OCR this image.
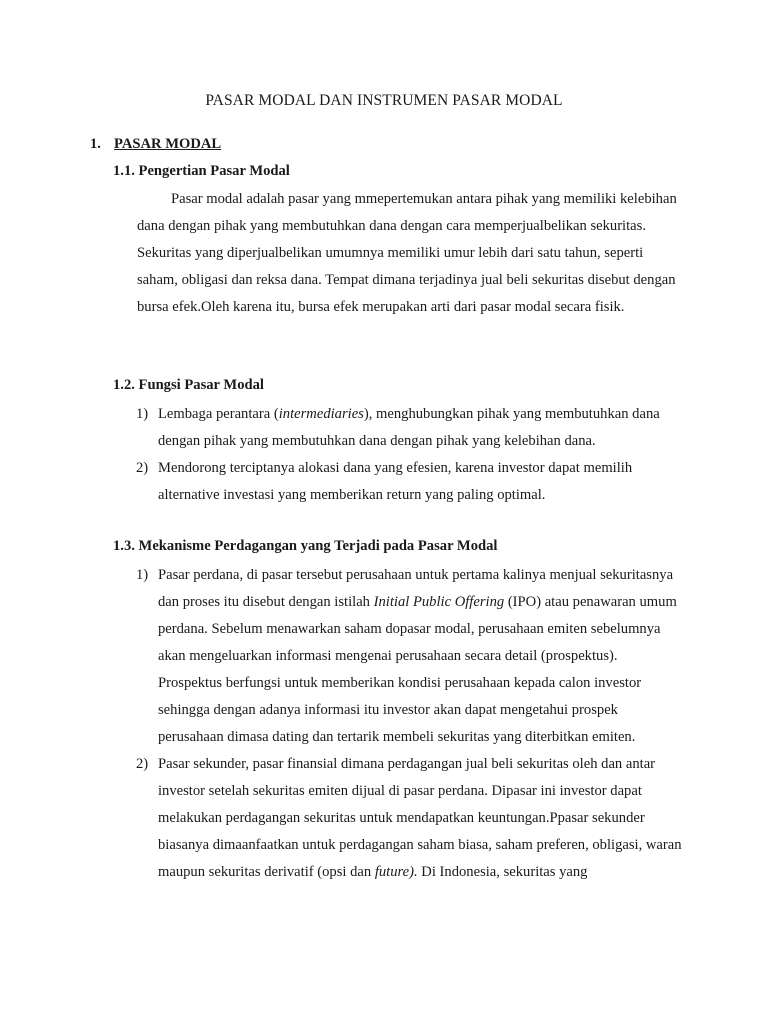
PASAR MODAL DAN INSTRUMEN PASAR MODAL
1. PASAR MODAL
1.1. Pengertian Pasar Modal
Pasar modal adalah pasar yang mmepertemukan antara pihak yang memiliki kelebihan dana dengan pihak yang membutuhkan dana dengan cara memperjualbelikan sekuritas. Sekuritas yang diperjualbelikan umumnya memiliki umur lebih dari satu tahun, seperti saham, obligasi dan reksa dana. Tempat dimana terjadinya jual beli sekuritas disebut dengan bursa efek.Oleh karena itu, bursa efek merupakan arti dari pasar modal secara fisik.
1.2. Fungsi Pasar Modal
1) Lembaga perantara (intermediaries), menghubungkan pihak yang membutuhkan dana dengan pihak yang membutuhkan dana dengan pihak yang kelebihan dana.
2) Mendorong terciptanya alokasi dana yang efesien, karena investor dapat memilih alternative investasi yang memberikan return yang paling optimal.
1.3. Mekanisme Perdagangan yang Terjadi pada Pasar Modal
1) Pasar perdana, di pasar tersebut perusahaan untuk pertama kalinya menjual sekuritasnya dan proses itu disebut dengan istilah Initial Public Offering (IPO) atau penawaran umum perdana. Sebelum menawarkan saham dopasar modal, perusahaan emiten sebelumnya akan mengeluarkan informasi mengenai perusahaan secara detail (prospektus). Prospektus berfungsi untuk memberikan kondisi perusahaan kepada calon investor sehingga dengan adanya informasi itu investor akan dapat mengetahui prospek perusahaan dimasa dating dan tertarik membeli sekuritas yang diterbitkan emiten.
2) Pasar sekunder, pasar finansial dimana perdagangan jual beli sekuritas oleh dan antar investor setelah sekuritas emiten dijual di pasar perdana. Dipasar ini investor dapat melakukan perdagangan sekuritas untuk mendapatkan keuntungan.Ppasar sekunder biasanya dimaanfaatkan untuk perdagangan saham biasa, saham preferen, obligasi, waran maupun sekuritas derivatif (opsi dan future). Di Indonesia, sekuritas yang
